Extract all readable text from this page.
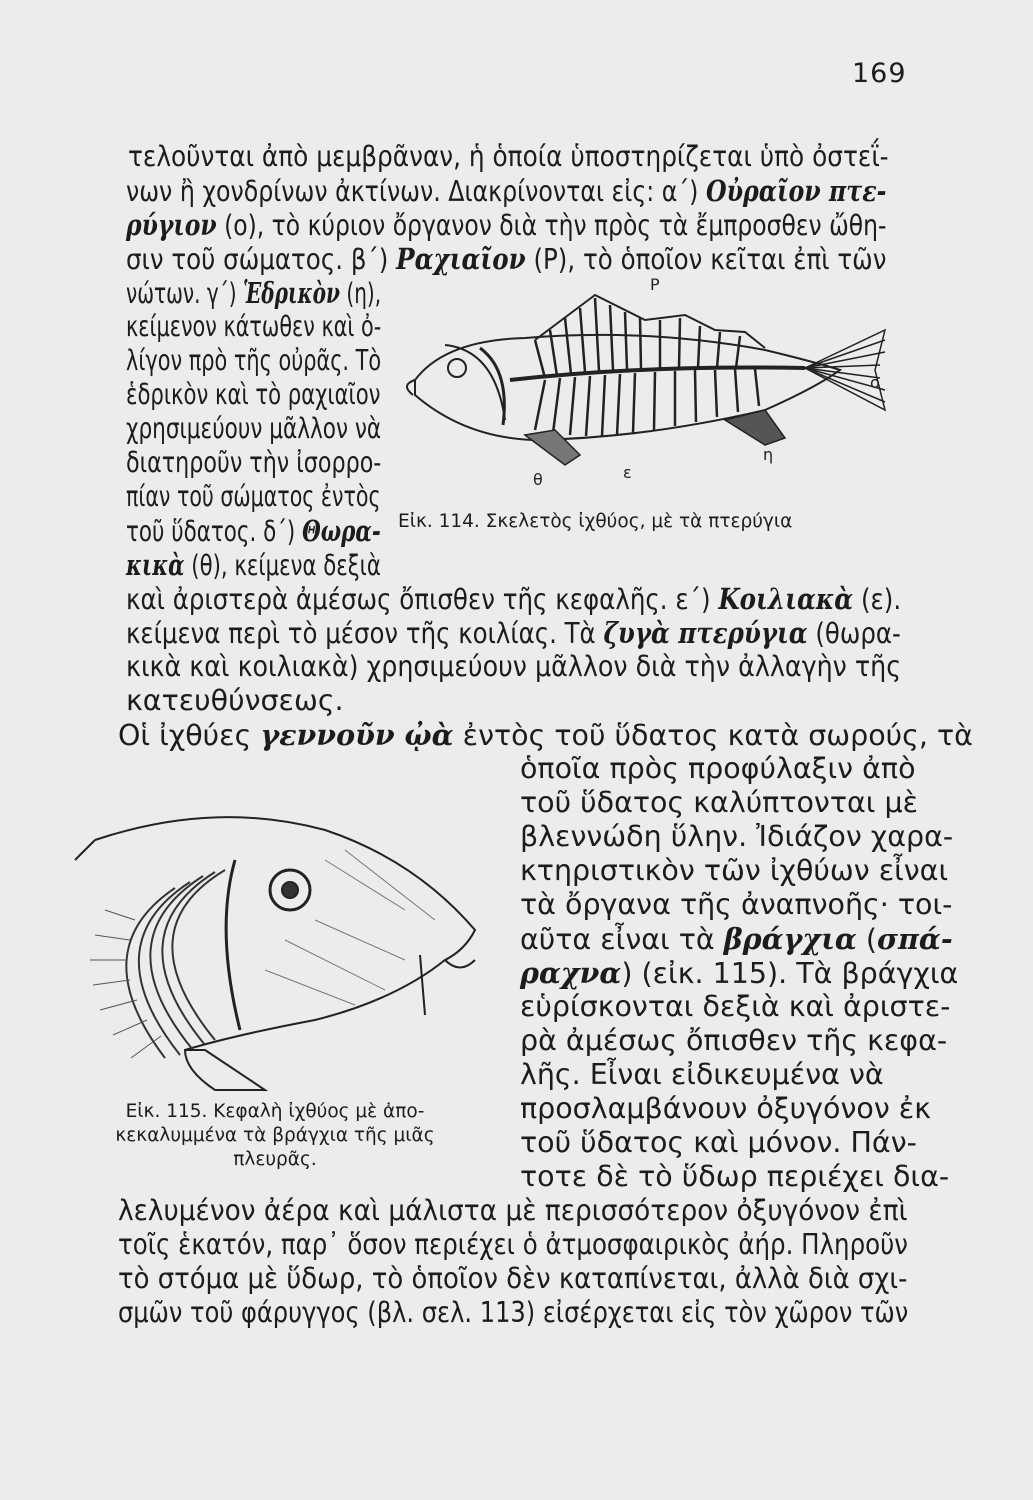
169
τελοῦνται ἀπὸ μεμβρᾶναν, ἡ ὁποία ὑποστηρίζεται ὑπὸ ὀστεΐ-
νων ἢ χονδρίνων ἀκτίνων. Διακρίνονται εἰς: α´) Οὐραῖον πτε-
ρύγιον (ο), τὸ κύριον ὄργανον διὰ τὴν πρὸς τὰ ἔμπροσθεν ὤθη-
σιν τοῦ σώματος. β´) Ραχιαῖον (Ρ), τὸ ὁποῖον κεῖται ἐπὶ τῶν
νώτων. γ´) Ἑδρικὸν (η),
κείμενον κάτωθεν καὶ ὀ-
λίγον πρὸ τῆς οὐρᾶς. Τὸ
ἑδρικὸν καὶ τὸ ραχιαῖον
χρησιμεύουν μᾶλλον νὰ
διατηροῦν τὴν ἰσορρο-
πίαν τοῦ σώματος ἐντὸς
τοῦ ὕδατος. δ´) Θωρα-
κικὰ (θ), κείμενα δεξιὰ
καὶ ἀριστερὰ ἀμέσως ὄπισθεν τῆς κεφαλῆς. ε´) Κοιλιακὰ (ε).
κείμενα περὶ τὸ μέσον τῆς κοιλίας. Τὰ ζυγὰ πτερύγια (θωρα-
κικὰ καὶ κοιλιακὰ) χρησιμεύουν μᾶλλον διὰ τὴν ἀλλαγὴν τῆς
κατευθύνσεως.
Οἱ ἰχθύες γεννοῦν ᾠὰ ἐντὸς τοῦ ὕδατος κατὰ σωρούς, τὰ
ὁποῖα πρὸς προφύλαξιν ἀπὸ
τοῦ ὕδατος καλύπτονται μὲ
βλεννώδη ὕλην. Ἰδιάζον χαρα-
κτηριστικὸν τῶν ἰχθύων εἶναι
τὰ ὄργανα τῆς ἀναπνοῆς· τοι-
αῦτα εἶναι τὰ βράγχια (σπά-
ραχνα) (εἰκ. 115). Τὰ βράγχια
εὑρίσκονται δεξιὰ καὶ ἀριστε-
ρὰ ἀμέσως ὄπισθεν τῆς κεφα-
λῆς. Εἶναι εἰδικευμένα νὰ
προσλαμβάνουν ὀξυγόνον ἐκ
τοῦ ὕδατος καὶ μόνον. Πάν-
τοτε δὲ τὸ ὕδωρ περιέχει δια-
λελυμένον ἀέρα καὶ μάλιστα μὲ περισσότερον ὀξυγόνον ἐπὶ
τοῖς ἑκατόν, παρ᾽ ὅσον περιέχει ὁ ἀτμοσφαιρικὸς ἀήρ. Πληροῦν
τὸ στόμα μὲ ὕδωρ, τὸ ὁποῖον δὲν καταπίνεται, ἀλλὰ διὰ σχι-
σμῶν τοῦ φάρυγγος (βλ. σελ. 113) εἰσέρχεται εἰς τὸν χῶρον τῶν
P
o
η
θ	ε
Εἰκ. 114. Σκελετὸς ἰχθύος, μὲ τὰ πτερύγια
Εἰκ. 115. Κεφαλὴ ἰχθύος μὲ ἀπο-
κεκαλυμμένα τὰ βράγχια τῆς μιᾶς
πλευρᾶς.
